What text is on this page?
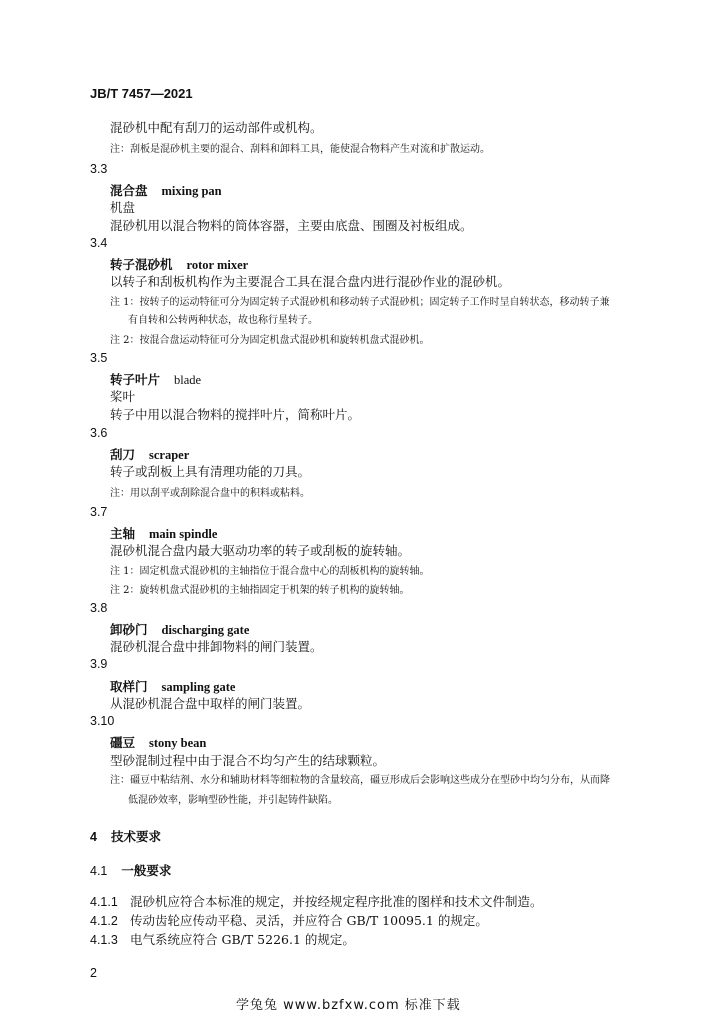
JB/T 7457—2021
混砂机中配有刮刀的运动部件或机构。
注：刮板是混砂机主要的混合、刮料和卸料工具，能使混合物料产生对流和扩散运动。
3.3
混合盘 mixing pan
机盘
混砂机用以混合物料的筒体容器，主要由底盘、围圈及衬板组成。
3.4
转子混砂机 rotor mixer
以转子和刮板机构作为主要混合工具在混合盘内进行混砂作业的混砂机。
注 1：按转子的运动特征可分为固定转子式混砂机和移动转子式混砂机；固定转子工作时呈自转状态，移动转子兼
有自转和公转两种状态，故也称行星转子。
注 2：按混合盘运动特征可分为固定机盘式混砂机和旋转机盘式混砂机。
3.5
转子叶片 blade
桨叶
转子中用以混合物料的搅拌叶片，简称叶片。
3.6
刮刀 scraper
转子或刮板上具有清理功能的刀具。
注：用以刮平或刮除混合盘中的积料或粘料。
3.7
主轴 main spindle
混砂机混合盘内最大驱动功率的转子或刮板的旋转轴。
注 1：固定机盘式混砂机的主轴指位于混合盘中心的刮板机构的旋转轴。
注 2：旋转机盘式混砂机的主轴指固定于机架的转子机构的旋转轴。
3.8
卸砂门 discharging gate
混砂机混合盘中排卸物料的闸门装置。
3.9
取样门 sampling gate
从混砂机混合盘中取样的闸门装置。
3.10
礓豆 stony bean
型砂混制过程中由于混合不均匀产生的结球颗粒。
注：礓豆中粘结剂、水分和辅助材料等细粒物的含量较高，礓豆形成后会影响这些成分在型砂中均匀分布，从而降
低混砂效率，影响型砂性能，并引起铸件缺陷。
4 技术要求
4.1 一般要求
4.1.1 混砂机应符合本标准的规定，并按经规定程序批准的图样和技术文件制造。
4.1.2 传动齿轮应传动平稳、灵活，并应符合 GB/T 10095.1 的规定。
4.1.3 电气系统应符合 GB/T 5226.1 的规定。
2
学兔兔 www.bzfxw.com 标准下载
